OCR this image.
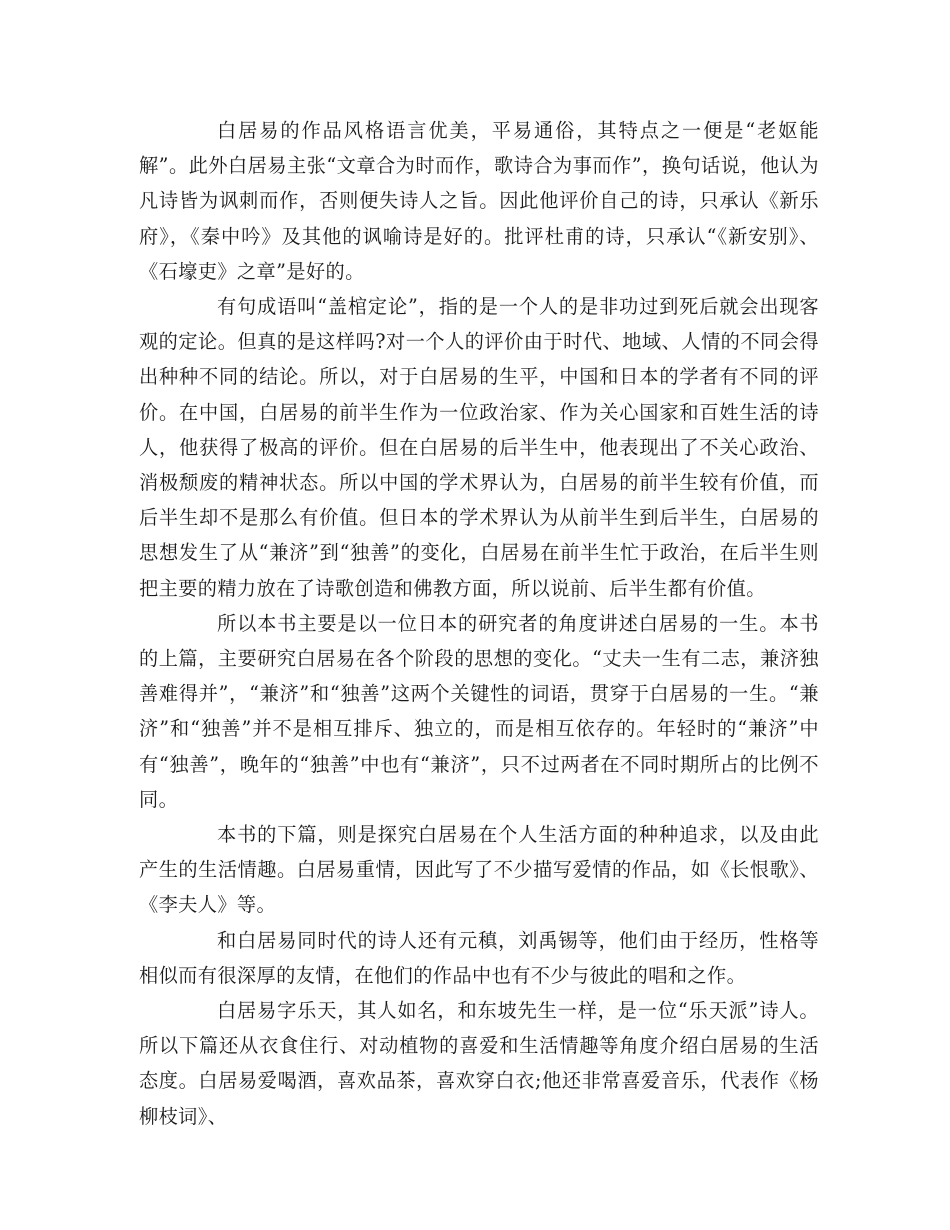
白居易的作品风格语言优美，平易通俗，其特点之一便是“老妪能解”。此外白居易主张“文章合为时而作，歌诗合为事而作”，换句话说，他认为凡诗皆为讽刺而作，否则便失诗人之旨。因此他评价自己的诗，只承认《新乐府》，《秦中吟》及其他的讽喻诗是好的。批评杜甫的诗，只承认“《新安别》、《石壕吏》之章”是好的。

有句成语叫“盖棺定论”，指的是一个人的是非功过到死后就会出现客观的定论。但真的是这样吗?对一个人的评价由于时代、地域、人情的不同会得出种种不同的结论。所以，对于白居易的生平，中国和日本的学者有不同的评价。在中国，白居易的前半生作为一位政治家、作为关心国家和百姓生活的诗人，他获得了极高的评价。但在白居易的后半生中，他表现出了不关心政治、消极颓废的精神状态。所以中国的学术界认为，白居易的前半生较有价值，而后半生却不是那么有价值。但日本的学术界认为从前半生到后半生，白居易的思想发生了从“兼济”到“独善”的变化，白居易在前半生忙于政治，在后半生则把主要的精力放在了诗歌创造和佛教方面，所以说前、后半生都有价值。

所以本书主要是以一位日本的研究者的角度讲述白居易的一生。本书的上篇，主要研究白居易在各个阶段的思想的变化。“丈夫一生有二志，兼济独善难得并”，“兼济”和“独善”这两个关键性的词语，贯穿于白居易的一生。“兼济”和“独善”并不是相互排斥、独立的，而是相互依存的。年轻时的“兼济”中有“独善”，晚年的“独善”中也有“兼济”，只不过两者在不同时期所占的比例不同。

本书的下篇，则是探究白居易在个人生活方面的种种追求，以及由此产生的生活情趣。白居易重情，因此写了不少描写爱情的作品，如《长恨歌》、《李夫人》等。

和白居易同时代的诗人还有元稹，刘禹锡等，他们由于经历，性格等相似而有很深厚的友情，在他们的作品中也有不少与彼此的唱和之作。

白居易字乐天，其人如名，和东坡先生一样，是一位“乐天派”诗人。所以下篇还从衣食住行、对动植物的喜爱和生活情趣等角度介绍白居易的生活态度。白居易爱喝酒，喜欢品茶，喜欢穿白衣;他还非常喜爱音乐，代表作《杨柳枝词》、
